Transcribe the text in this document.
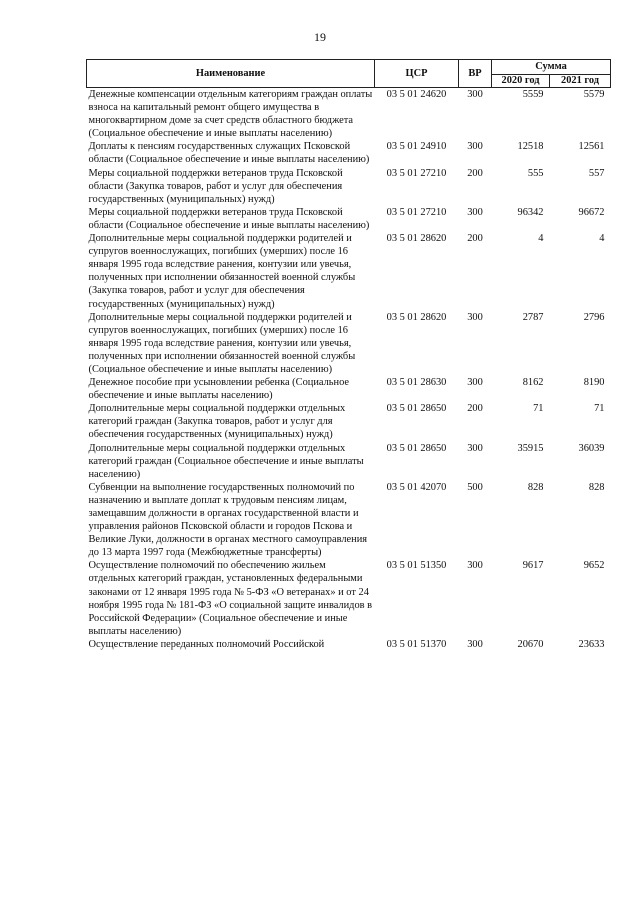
19
Наименование	ЦСР	ВР	Сумма	
			2020 год	2021 год
Денежные компенсации отдельным категориям граждан оплаты взноса на капитальный ремонт общего имущества в многоквартирном доме за счет средств областного бюджета (Социальное обеспечение и иные выплаты населению)	03 5 01 24620	300	5559	5579
Доплаты к пенсиям государственных служащих Псковской области (Социальное обеспечение и иные выплаты населению)	03 5 01 24910	300	12518	12561
Меры социальной поддержки ветеранов труда Псковской области (Закупка товаров, работ и услуг для обеспечения государственных (муниципальных) нужд)	03 5 01 27210	200	555	557
Меры социальной поддержки ветеранов труда Псковской области (Социальное обеспечение и иные выплаты населению)	03 5 01 27210	300	96342	96672
Дополнительные меры социальной поддержки родителей и супругов военнослужащих, погибших (умерших) после 16 января 1995 года вследствие ранения, контузии или увечья, полученных при исполнении обязанностей военной службы (Закупка товаров, работ и услуг для обеспечения государственных (муниципальных) нужд)	03 5 01 28620	200	4	4
Дополнительные меры социальной поддержки родителей и супругов военнослужащих, погибших (умерших) после 16 января 1995 года вследствие ранения, контузии или увечья, полученных при исполнении обязанностей военной службы (Социальное обеспечение и иные выплаты населению)	03 5 01 28620	300	2787	2796
Денежное пособие при усыновлении ребенка (Социальное обеспечение и иные выплаты населению)	03 5 01 28630	300	8162	8190
Дополнительные меры социальной поддержки отдельных категорий граждан (Закупка товаров, работ и услуг для обеспечения государственных (муниципальных) нужд)	03 5 01 28650	200	71	71
Дополнительные меры социальной поддержки отдельных категорий граждан (Социальное обеспечение и иные выплаты населению)	03 5 01 28650	300	35915	36039
Субвенции на выполнение государственных полномочий по назначению и выплате доплат к трудовым пенсиям лицам, замещавшим должности в органах государственной власти и управления районов Псковской области и городов Пскова и Великие Луки, должности в органах местного самоуправления до 13 марта 1997 года (Межбюджетные трансферты)	03 5 01 42070	500	828	828
Осуществление полномочий по обеспечению жильем отдельных категорий граждан, установленных федеральными законами от 12 января 1995 года № 5-ФЗ «О ветеранах» и от 24 ноября 1995 года № 181-ФЗ «О социальной защите инвалидов в Российской Федерации» (Социальное обеспечение и иные выплаты населению)	03 5 01 51350	300	9617	9652
Осуществление переданных полномочий Российской	03 5 01 51370	300	20670	23633
